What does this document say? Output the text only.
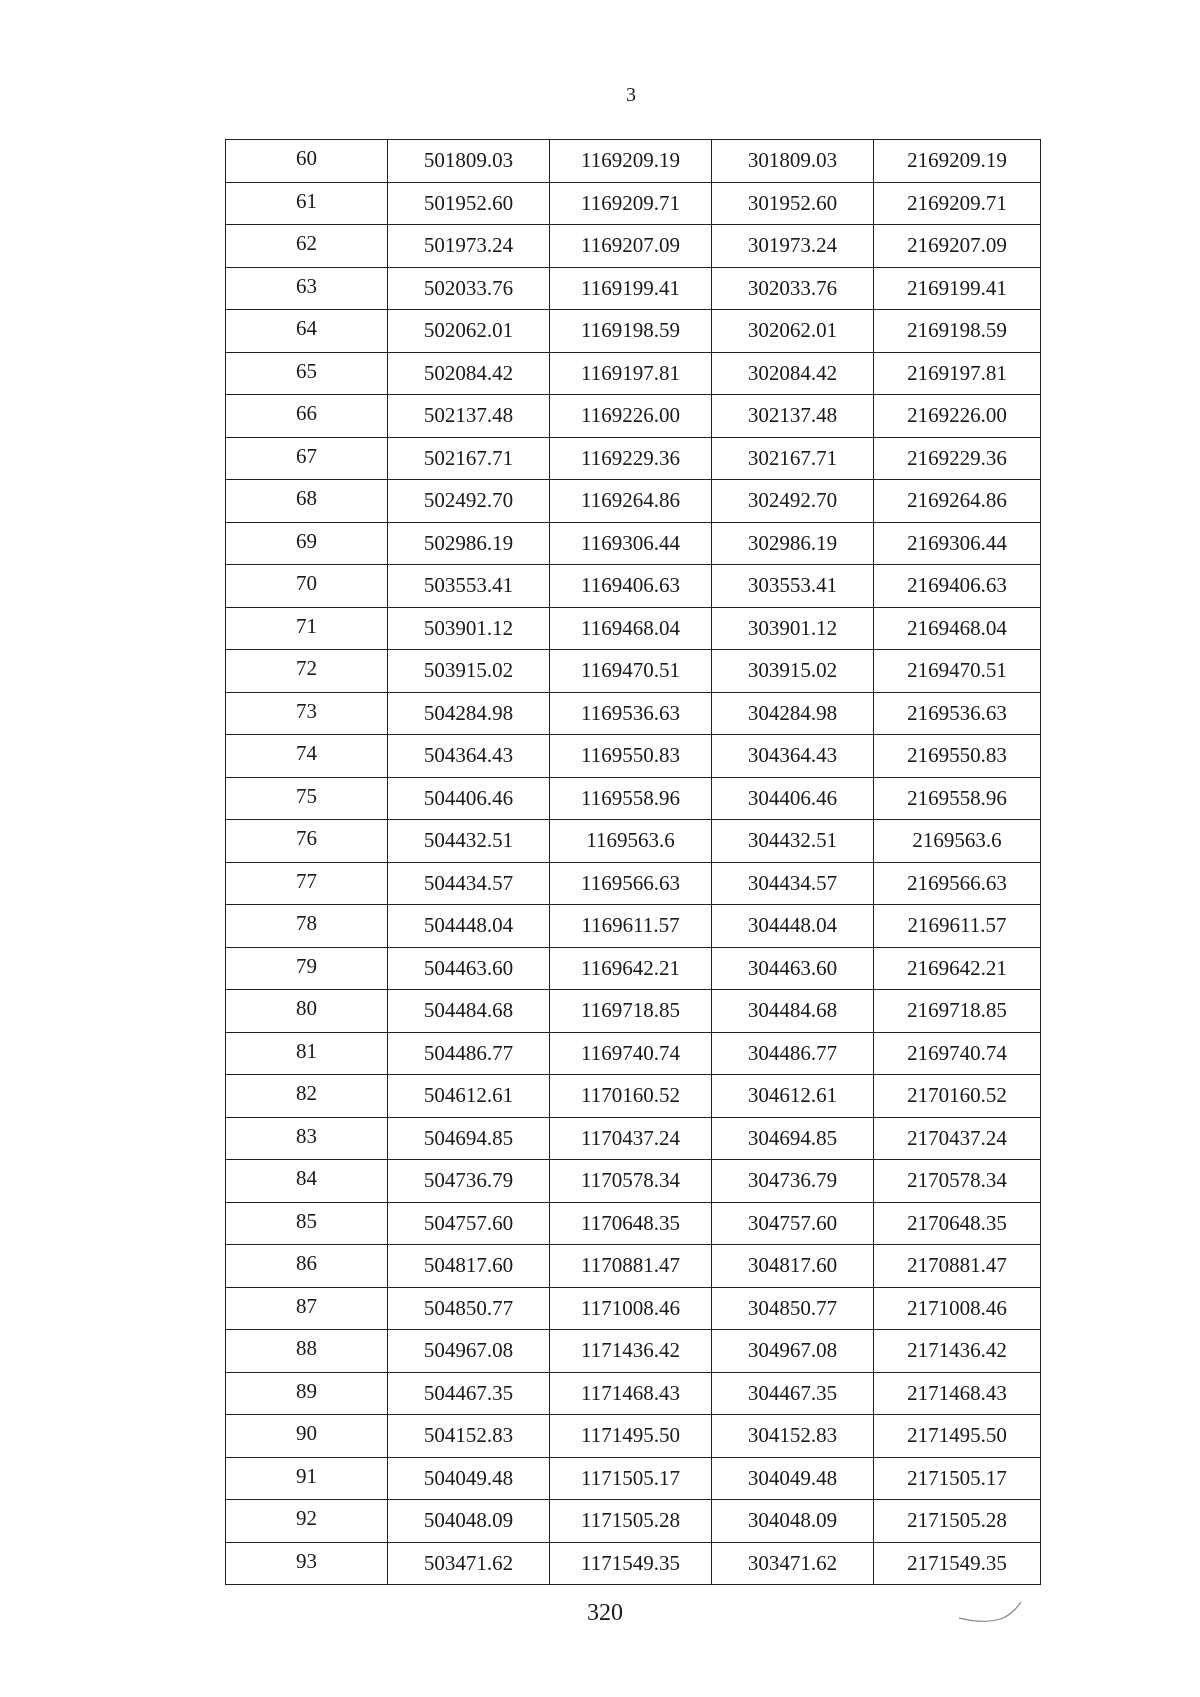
3
60	501809.03	1169209.19	301809.03	2169209.19
61	501952.60	1169209.71	301952.60	2169209.71
62	501973.24	1169207.09	301973.24	2169207.09
63	502033.76	1169199.41	302033.76	2169199.41
64	502062.01	1169198.59	302062.01	2169198.59
65	502084.42	1169197.81	302084.42	2169197.81
66	502137.48	1169226.00	302137.48	2169226.00
67	502167.71	1169229.36	302167.71	2169229.36
68	502492.70	1169264.86	302492.70	2169264.86
69	502986.19	1169306.44	302986.19	2169306.44
70	503553.41	1169406.63	303553.41	2169406.63
71	503901.12	1169468.04	303901.12	2169468.04
72	503915.02	1169470.51	303915.02	2169470.51
73	504284.98	1169536.63	304284.98	2169536.63
74	504364.43	1169550.83	304364.43	2169550.83
75	504406.46	1169558.96	304406.46	2169558.96
76	504432.51	1169563.6	304432.51	2169563.6
77	504434.57	1169566.63	304434.57	2169566.63
78	504448.04	1169611.57	304448.04	2169611.57
79	504463.60	1169642.21	304463.60	2169642.21
80	504484.68	1169718.85	304484.68	2169718.85
81	504486.77	1169740.74	304486.77	2169740.74
82	504612.61	1170160.52	304612.61	2170160.52
83	504694.85	1170437.24	304694.85	2170437.24
84	504736.79	1170578.34	304736.79	2170578.34
85	504757.60	1170648.35	304757.60	2170648.35
86	504817.60	1170881.47	304817.60	2170881.47
87	504850.77	1171008.46	304850.77	2171008.46
88	504967.08	1171436.42	304967.08	2171436.42
89	504467.35	1171468.43	304467.35	2171468.43
90	504152.83	1171495.50	304152.83	2171495.50
91	504049.48	1171505.17	304049.48	2171505.17
92	504048.09	1171505.28	304048.09	2171505.28
93	503471.62	1171549.35	303471.62	2171549.35
320
